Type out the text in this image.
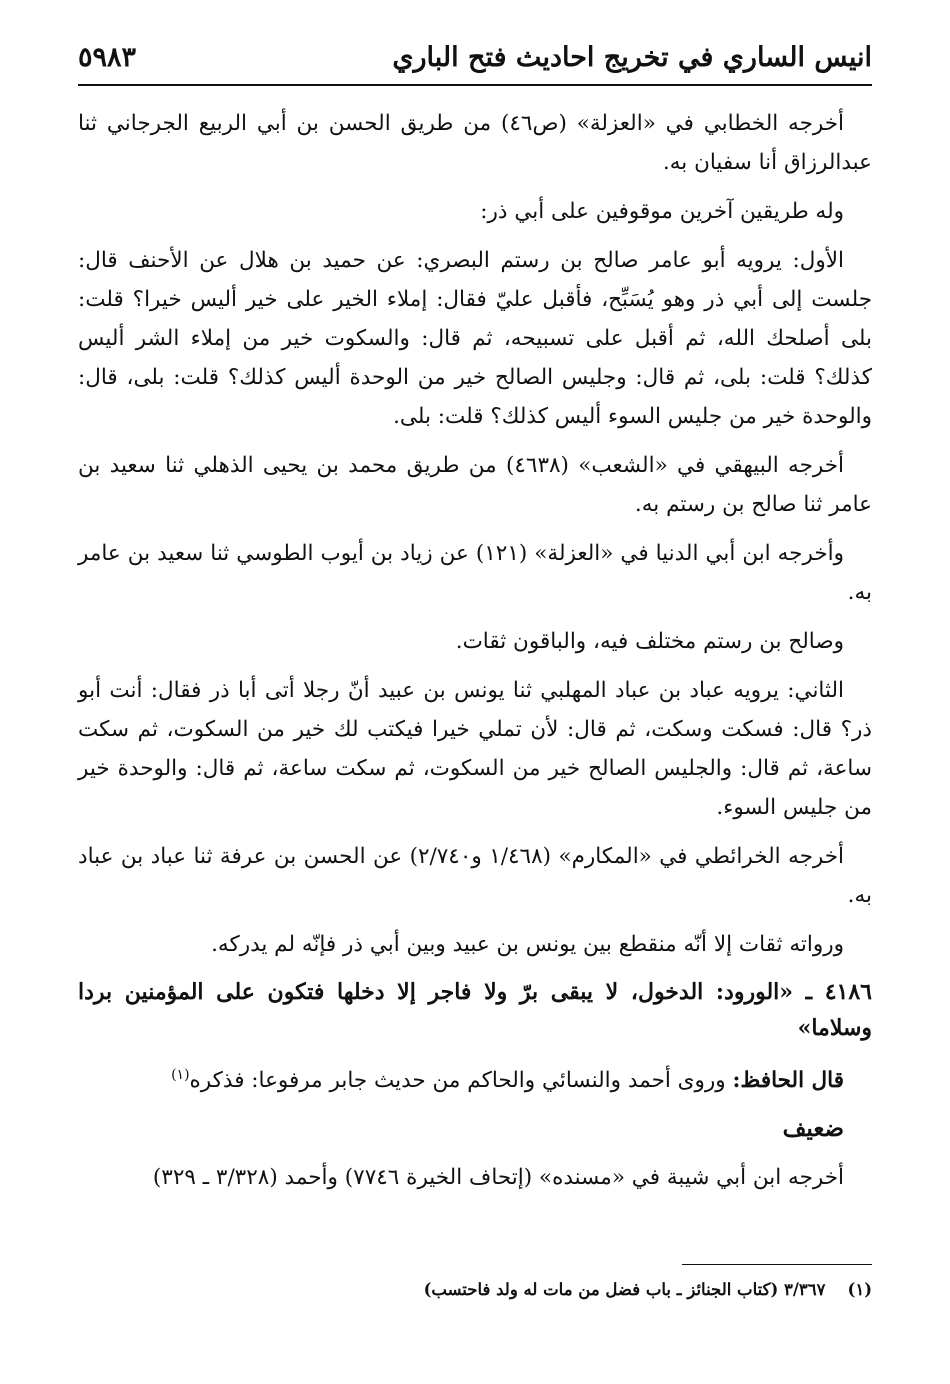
انيس الساري في تخريج احاديث فتح الباري
٥٩٨٣

أخرجه الخطابي في «العزلة» (ص٤٦) من طريق الحسن بن أبي الربيع الجرجاني ثنا عبدالرزاق أنا سفيان به.

وله طريقين آخرين موقوفين على أبي ذر:

الأول: يرويه أبو عامر صالح بن رستم البصري: عن حميد بن هلال عن الأحنف قال: جلست إلى أبي ذر وهو يُسَبِّح، فأقبل عليّ فقال: إملاء الخير على خير أليس خيرا؟ قلت: بلى أصلحك الله، ثم أقبل على تسبيحه، ثم قال: والسكوت خير من إملاء الشر أليس كذلك؟ قلت: بلى، ثم قال: وجليس الصالح خير من الوحدة أليس كذلك؟ قلت: بلى، قال: والوحدة خير من جليس السوء أليس كذلك؟ قلت: بلى.

أخرجه البيهقي في «الشعب» (٤٦٣٨) من طريق محمد بن يحيى الذهلي ثنا سعيد بن عامر ثنا صالح بن رستم به.

وأخرجه ابن أبي الدنيا في «العزلة» (١٢١) عن زياد بن أيوب الطوسي ثنا سعيد بن عامر به.

وصالح بن رستم مختلف فيه، والباقون ثقات.

الثاني: يرويه عباد بن عباد المهلبي ثنا يونس بن عبيد أنّ رجلا أتى أبا ذر فقال: أنت أبو ذر؟ قال: فسكت وسكت، ثم قال: لأن تملي خيرا فيكتب لك خير من السكوت، ثم سكت ساعة، ثم قال: والجليس الصالح خير من السكوت، ثم سكت ساعة، ثم قال: والوحدة خير من جليس السوء.

أخرجه الخرائطي في «المكارم» (١/٤٦٨ و٢/٧٤٠) عن الحسن بن عرفة ثنا عباد بن عباد به.

ورواته ثقات إلا أنّه منقطع بين يونس بن عبيد وبين أبي ذر فإنّه لم يدركه.

٤١٨٦ ـ «الورود: الدخول، لا يبقى برّ ولا فاجر إلا دخلها فتكون على المؤمنين بردا وسلاما»

قال الحافظ: وروى أحمد والنسائي والحاكم من حديث جابر مرفوعا: فذكره$^{(١)}$

ضعيف

أخرجه ابن أبي شيبة في «مسنده» (إتحاف الخيرة ٧٧٤٦) وأحمد (٣/٣٢٨ ـ ٣٢٩)

(١)٣/٣٦٧ (كتاب الجنائز ـ باب فضل من مات له ولد فاحتسب)
